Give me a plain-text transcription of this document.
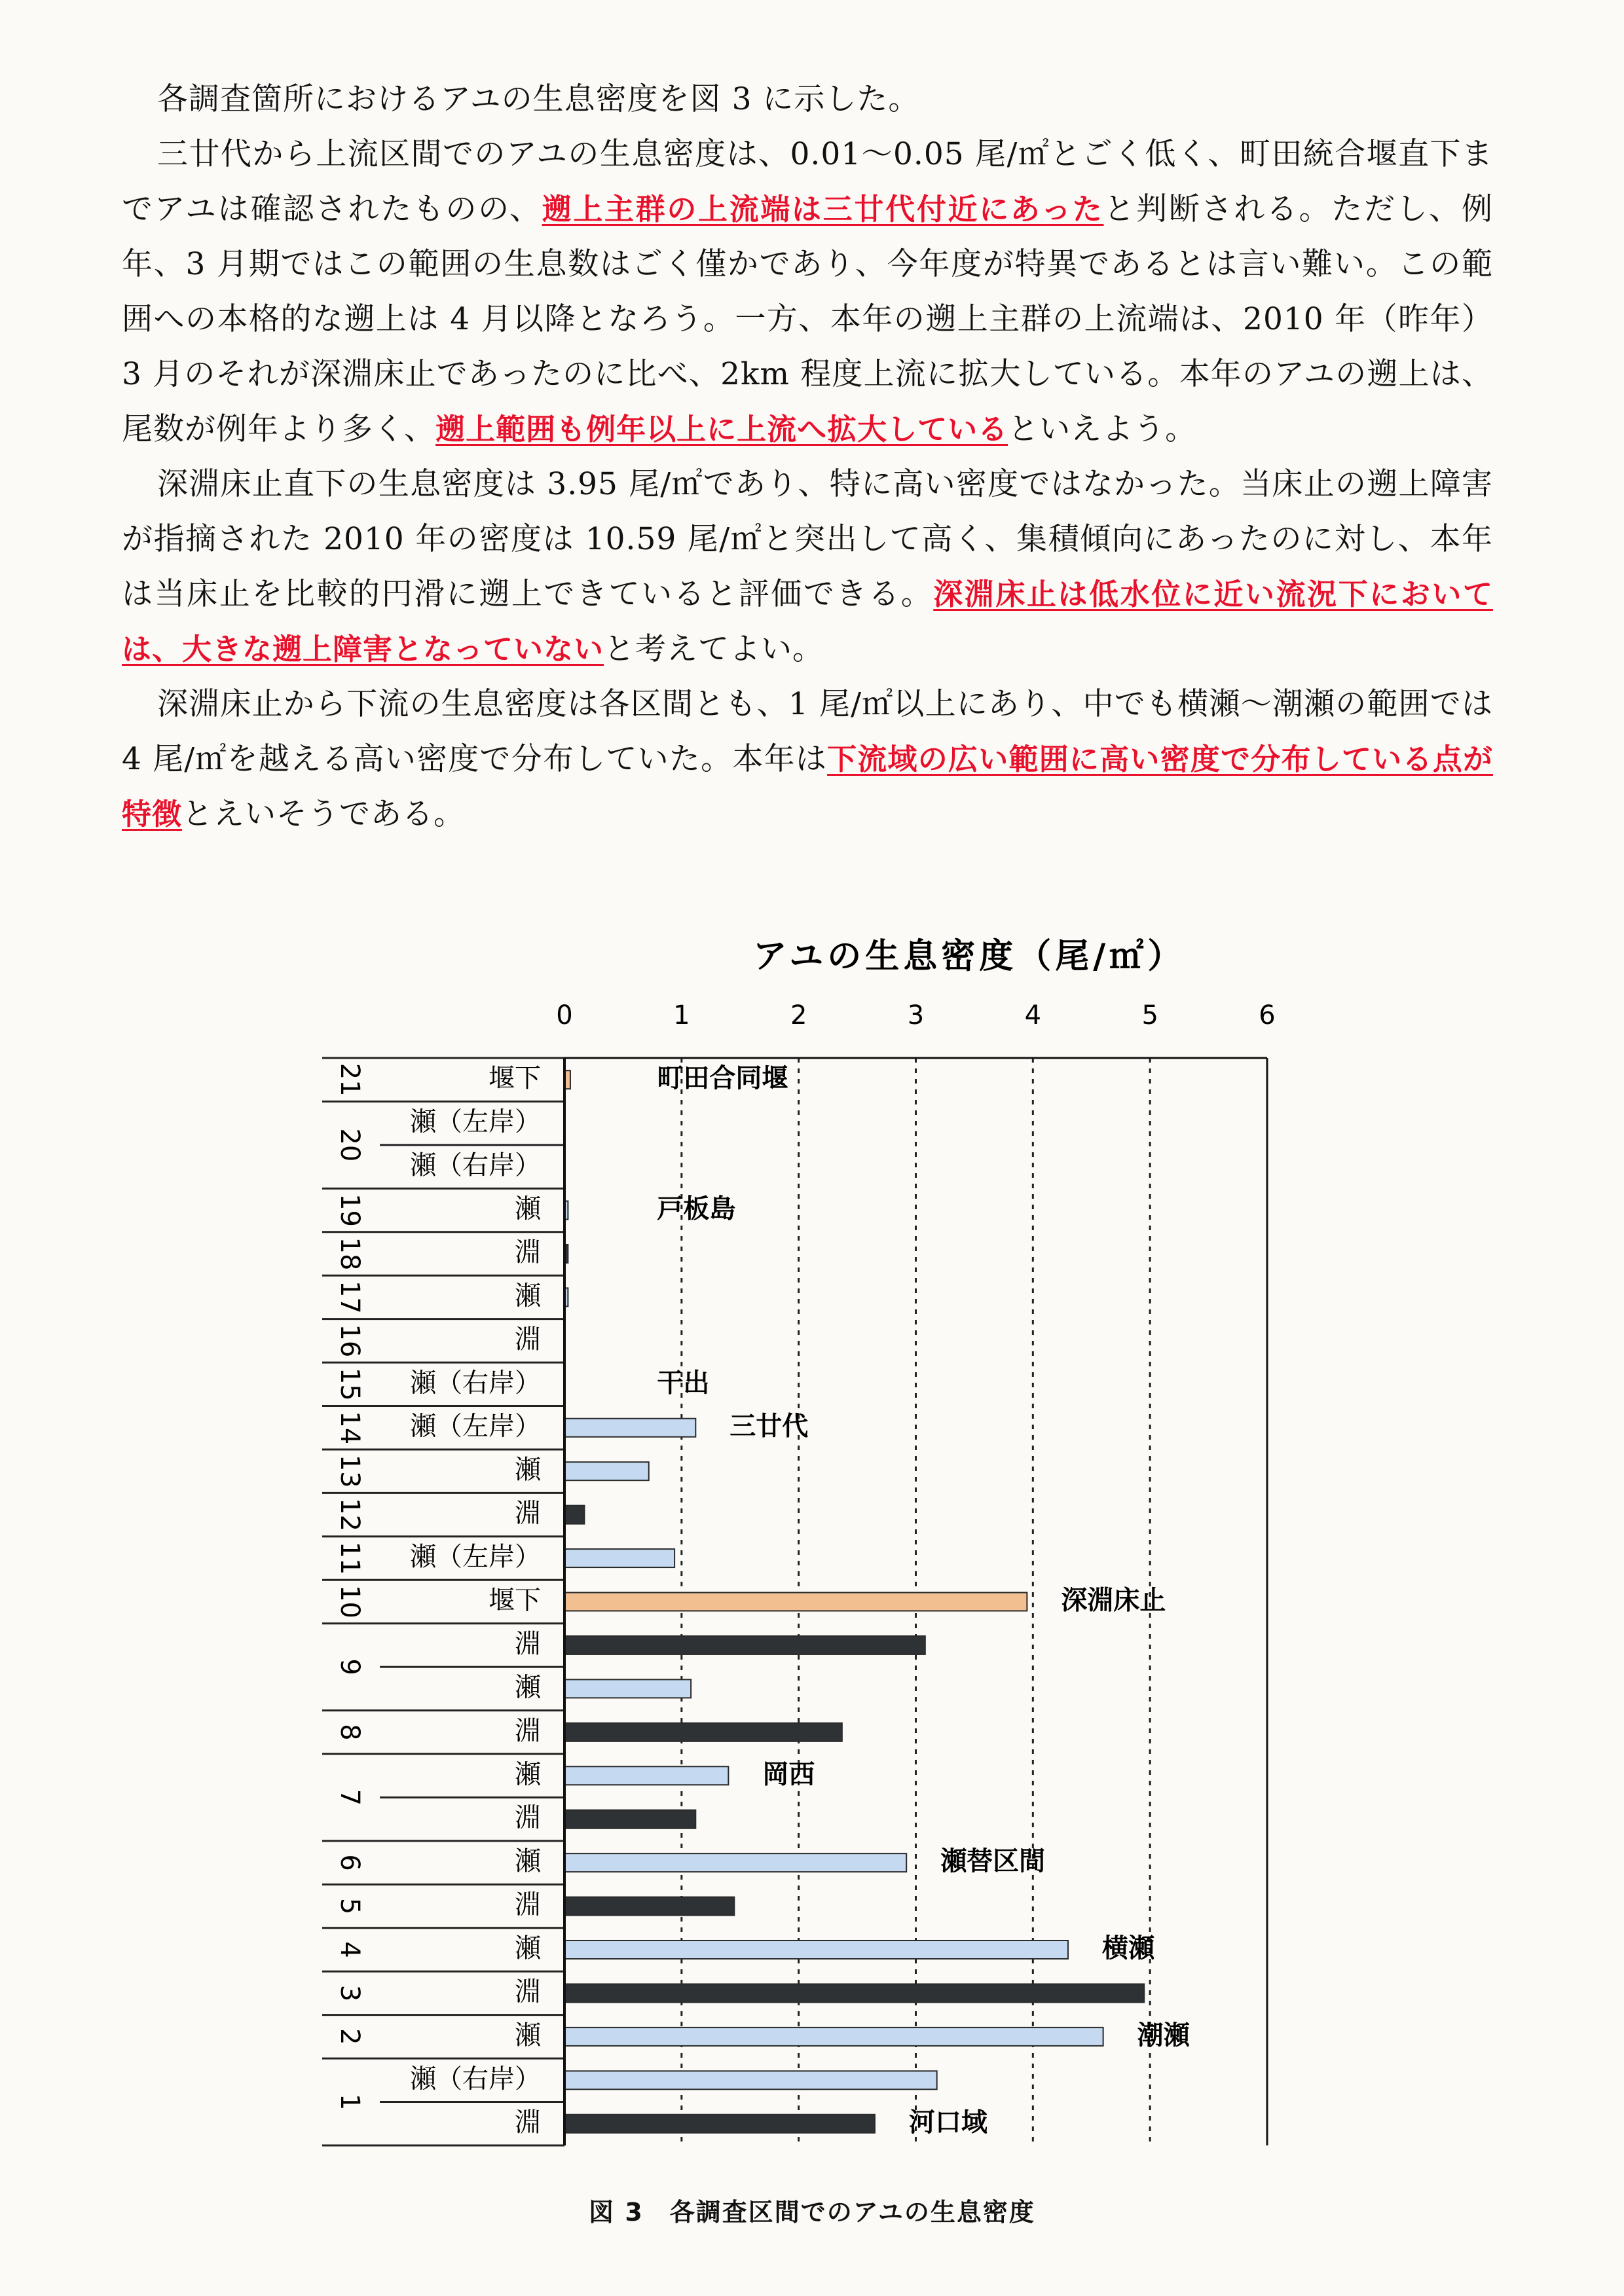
各調査箇所におけるアユの生息密度を図 3 に示した。

三廿代から上流区間でのアユの生息密度は、0.01〜0.05 尾/㎡とごく低く、町田統合堰直下までアユは確認されたものの、遡上主群の上流端は三廿代付近にあったと判断される。ただし、例年、3 月期ではこの範囲の生息数はごく僅かであり、今年度が特異であるとは言い難い。この範囲への本格的な遡上は 4 月以降となろう。一方、本年の遡上主群の上流端は、2010 年（昨年）3 月のそれが深淵床止であったのに比べ、2km 程度上流に拡大している。本年のアユの遡上は、尾数が例年より多く、遡上範囲も例年以上に上流へ拡大しているといえよう。

深淵床止直下の生息密度は 3.95 尾/㎡であり、特に高い密度ではなかった。当床止の遡上障害が指摘された 2010 年の密度は 10.59 尾/㎡と突出して高く、集積傾向にあったのに対し、本年は当床止を比較的円滑に遡上できていると評価できる。深淵床止は低水位に近い流況下においては、大きな遡上障害となっていないと考えてよい。

深淵床止から下流の生息密度は各区間とも、1 尾/㎡以上にあり、中でも横瀬〜潮瀬の範囲では 4 尾/㎡を越える高い密度で分布していた。本年は下流域の広い範囲に高い密度で分布している点が特徴とえいそうである。

アユの生息密度（尾/㎡）
0	1	2	3	4	5	6
21
20
19
18
17
16
15
14
13
12
11
10
9
8
7
6
5
4
3
2
1
堰下	町田合同堰
瀬（左岸）
瀬（右岸）
瀬	戸板島
淵
瀬
淵
瀬（右岸）	干出
瀬（左岸）	三廿代
瀬
淵
瀬（左岸）
堰下	深淵床止
淵
瀬
淵
瀬	岡西
淵
瀬	瀬替区間
淵
瀬	横瀬
淵
瀬	潮瀬
瀬（右岸）
淵	河口域
図 3　各調査区間でのアユの生息密度
